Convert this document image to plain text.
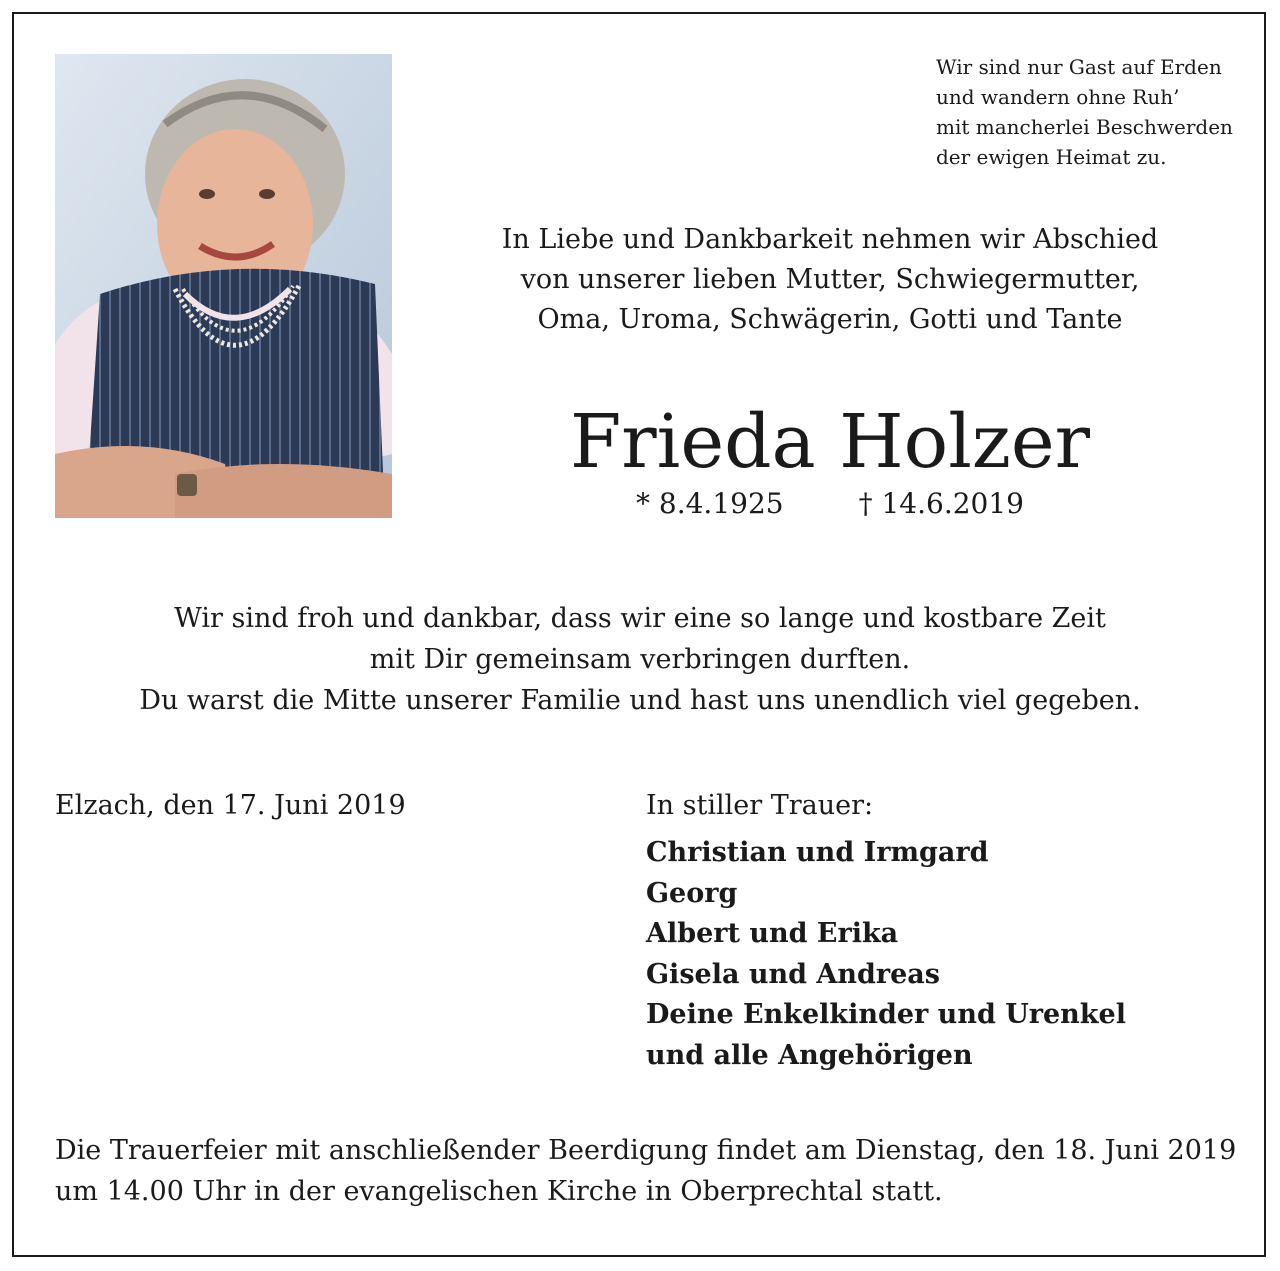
Wir sind nur Gast auf Erden
und wandern ohne Ruh’
mit mancherlei Beschwerden
der ewigen Heimat zu.
In Liebe und Dankbarkeit nehmen wir Abschied
von unserer lieben Mutter, Schwiegermutter,
Oma, Uroma, Schwägerin, Gotti und Tante
Frieda Holzer
* 8.4.1925	† 14.6.2019
Wir sind froh und dankbar, dass wir eine so lange und kostbare Zeit
mit Dir gemeinsam verbringen durften.
Du warst die Mitte unserer Familie und hast uns unendlich viel gegeben.
Elzach, den 17. Juni 2019	In stiller Trauer:
Christian und Irmgard
Georg
Albert und Erika
Gisela und Andreas
Deine Enkelkinder und Urenkel
und alle Angehörigen
Die Trauerfeier mit anschließender Beerdigung findet am Dienstag, den 18. Juni 2019
um 14.00 Uhr in der evangelischen Kirche in Oberprechtal statt.
